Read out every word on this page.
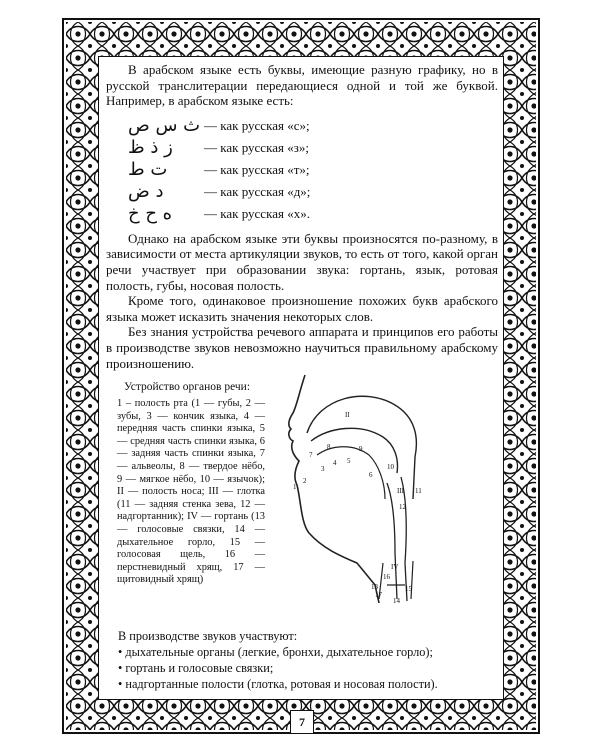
В арабском языке есть буквы, имеющие разную графику, но в русской транслитерации передающиеся одной и той же буквой. Например, в арабском языке есть:

ث س ص — как русская «с»;
ز ذ ظ	— как русская «з»;
ت ط	— как русская «т»;
د ض	— как русская «д»;
ه ح خ	— как русская «х».

Однако на арабском языке эти буквы произносятся по-разному, в зависимости от места артикуляции звуков, то есть от того, какой орган речи участвует при образовании звука: гортань, язык, ротовая полость, губы, носовая полость.

Кроме того, одинаковое произношение похожих букв арабского языка может исказить значения некоторых слов.

Без знания устройства речевого аппарата и принципов его работы в производстве звуков невозможно научиться правильному арабскому произношению.

Устройство органов речи:
1 – полость рта (1 — губы, 2 — зубы, 3 — кончик языка, 4 — передняя часть спинки языка, 5 — средняя часть спинки языка, 6 — задняя часть спинки языка, 7 — альвеолы, 8 — твердое нёбо, 9 — мягкое нёбо, 10 — язычок); II — полость носа; III — глотка (11 — задняя стенка зева, 12 — надгортанник); IV — гортань (13 — голосовые связки, 14 — дыхательное горло, 15 — голосовая щель, 16 — перстневидный хрящ, 17 — щитовидный хрящ)
II
III
IV
1
2
3
4 5
6
7
8	9
10
11
12
13
14
15
16
17
В производстве звуков участвуют:
• дыхательные органы (легкие, бронхи, дыхательное горло);
• гортань и голосовые связки;
• надгортанные полости (глотка, ротовая и носовая полости).
7
